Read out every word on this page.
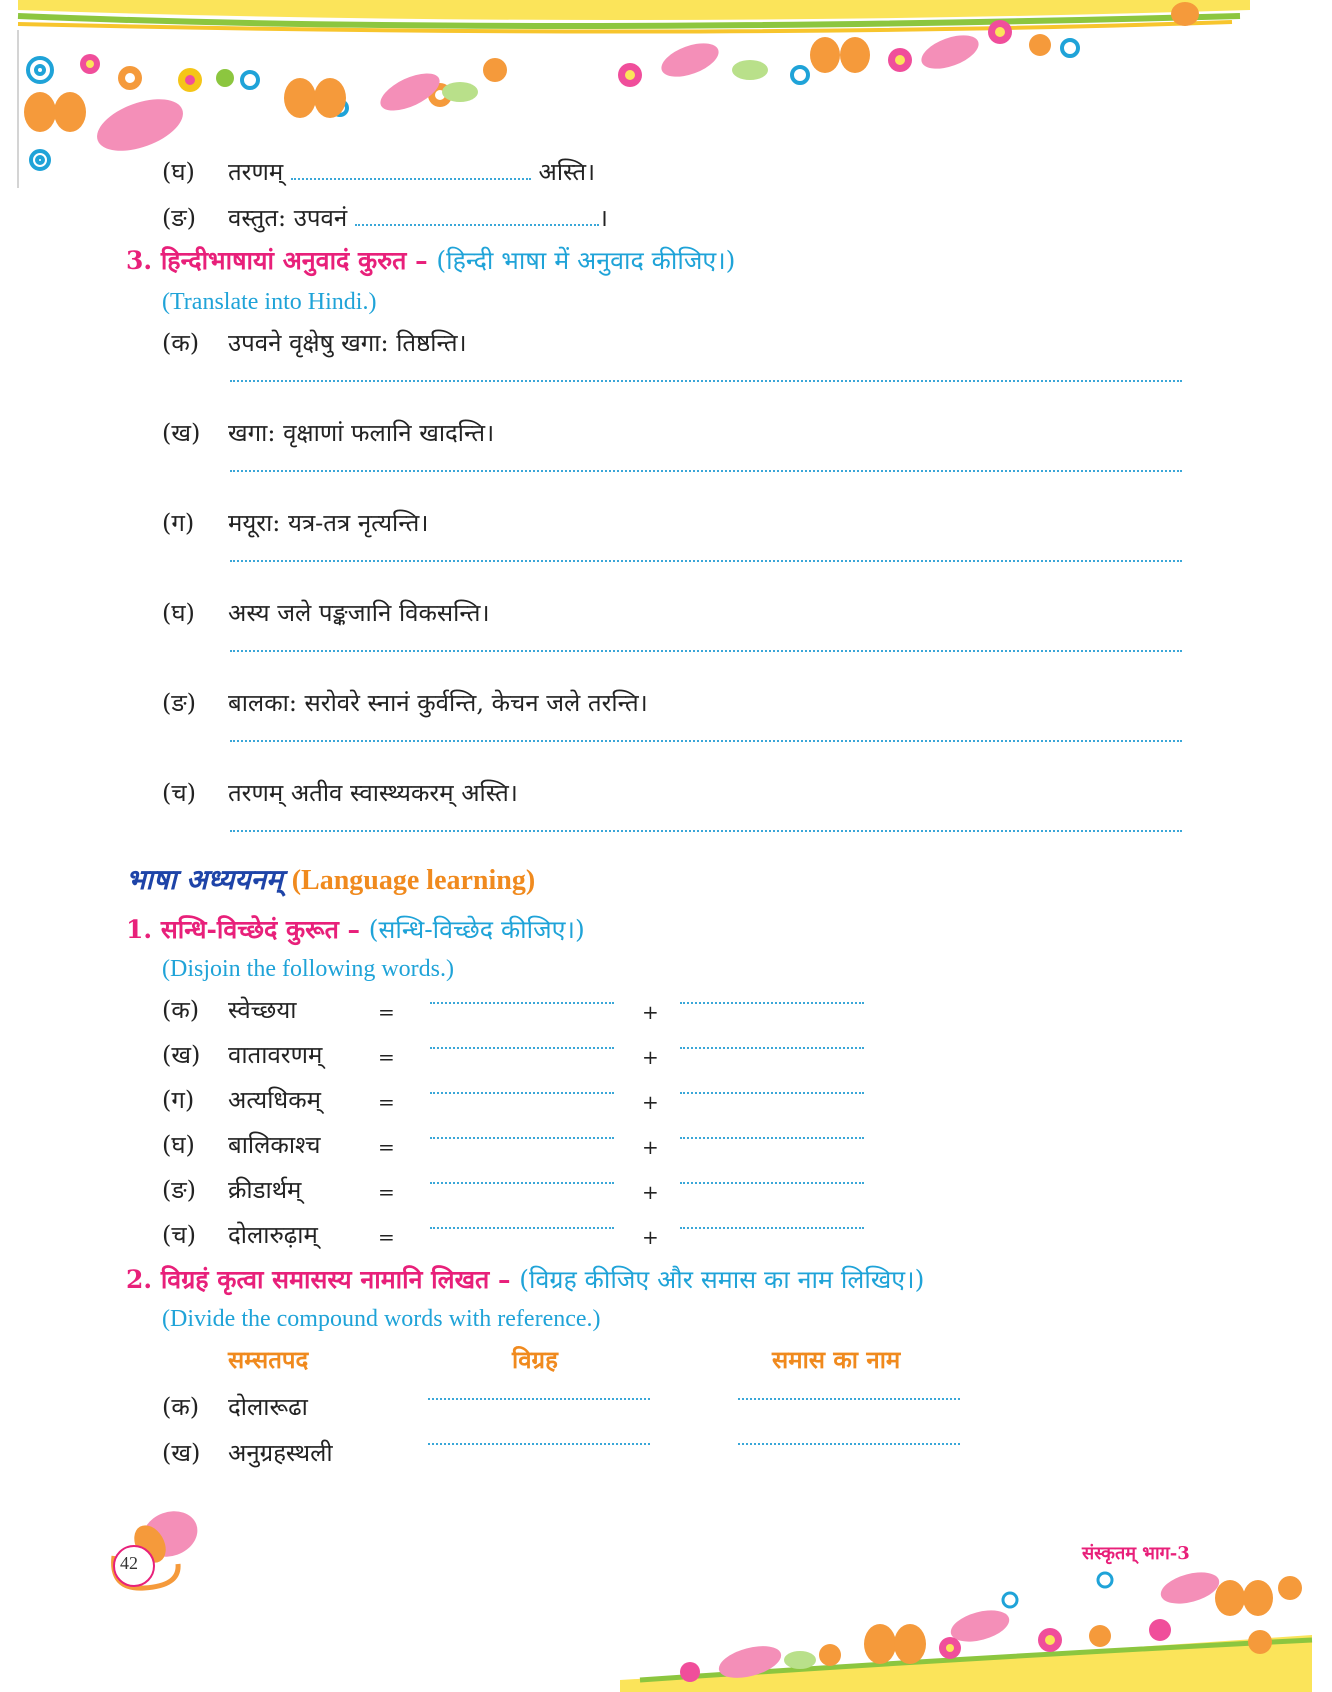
(घ) तरणम्	अस्ति।
(ङ) वस्तुत: उपवनं	।
3. हिन्दीभाषायां अनुवादं कुरुत – (हिन्दी भाषा में अनुवाद कीजिए।)
(Translate into Hindi.)
(क) उपवने वृक्षेषु खगा: तिष्ठन्ति।
(ख) खगा: वृक्षाणां फलानि खादन्ति।
(ग) मयूरा: यत्र-तत्र नृत्यन्ति।
(घ) अस्य जले पङ्कजानि विकसन्ति।
(ङ) बालका: सरोवरे स्नानं कुर्वन्ति, केचन जले तरन्ति।
(च) तरणम् अतीव स्वास्थ्यकरम् अस्ति।
भाषा अध्ययनम् (Language learning)
1. सन्धि-विच्छेदं कुरूत – (सन्धि-विच्छेद कीजिए।)
(Disjoin the following words.)
(क) स्वेच्छया	=	+
(ख) वातावरणम्	=	+
(ग) अत्यधिकम्	=	+
(घ) बालिकाश्च	=	+
(ङ) क्रीडार्थम्	=	+
(च) दोलारुढ़ाम्	=	+
2. विग्रहं कृत्वा समासस्य नामानि लिखत – (विग्रह कीजिए और समास का नाम लिखिए।)
(Divide the compound words with reference.)
सम्सतपद	विग्रह	समास का नाम
(क) दोलारूढा
(ख) अनुग्रहस्थली
42	संस्कृतम् भाग-3
